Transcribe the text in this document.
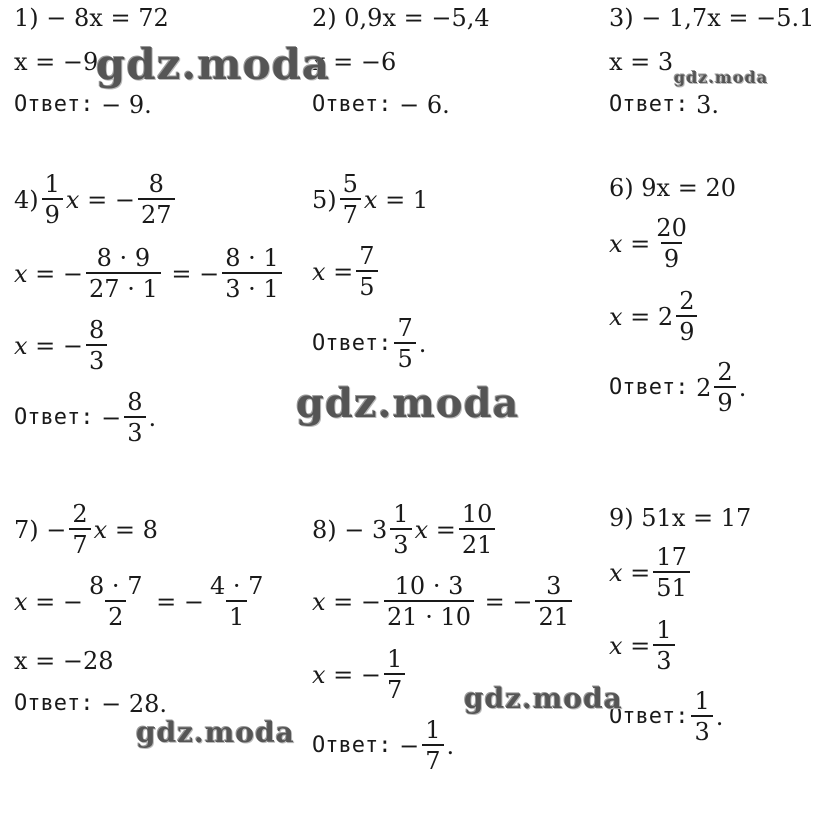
1)
− 8x = 72
x = −9
Ответ:
− 9.
2)
0,9x = −5,4
x = −6
Ответ:
− 6.
3)
− 1,7x = −5.1
x = 3
Ответ:
3.
$4) \frac{1}{9}$ x = − $\frac{8}{27}$
x = − $\frac{8 \cdot 9}{27 \cdot 1}$ = − $\frac{8 \cdot 1}{3 \cdot 1}$
x = − $\frac{8}{3}$
Ответ: − $\frac{8}{3}$ .
$5) \frac{5}{7}$ x = 1
$x = \frac{7}{5}$
Ответ: $\frac{7}{5}$ .
6)
9x = 20
$x = \frac{20}{9}$
$x = 2 \frac{2}{9}$
Ответ:
$2 \frac{2}{9}$ .
$7) - \frac{2}{7}$ x = 8
x = − $\frac{8 \cdot 7}{2}$ = − $\frac{4 \cdot 7}{1}$
x = −28
Ответ:
− 28.
$8) - 3 \frac{1}{3}$ $x = \frac{10}{21}$
x = − $\frac{10 \cdot 3}{21 \cdot 10}$ = − $\frac{3}{21}$
x = − $\frac{1}{7}$
Ответ: − $\frac{1}{7}$ .
9)
51x = 17
$x = \frac{17}{51}$
$x = \frac{1}{3}$
Ответ: $\frac{1}{3}$ .
gdz.moda	gdz.moda
gdz.moda
gdz.moda
gdz.moda
